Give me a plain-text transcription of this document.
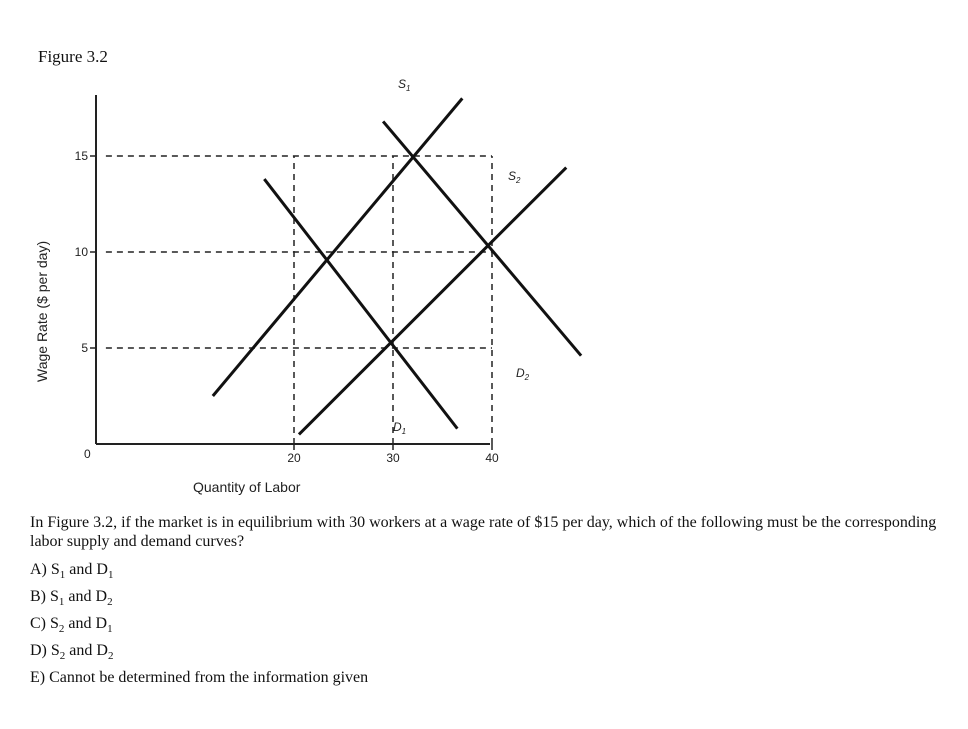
Figure 3.2
$S_1$
$S_2$
$D_1$
$D_2$
5
10
15
20	30	40
0
Quantity of Labor
Wage Rate ($ per day)
In Figure 3.2, if the market is in equilibrium with 30 workers at a wage rate of $15 per day, which of the following must be the corresponding labor supply and demand curves?
A) $S_1$ and $D_1$
B) $S_1$ and $D_2$
C) $S_2$ and $D_1$
D) $S_2$ and $D_2$
E) Cannot be determined from the information given
